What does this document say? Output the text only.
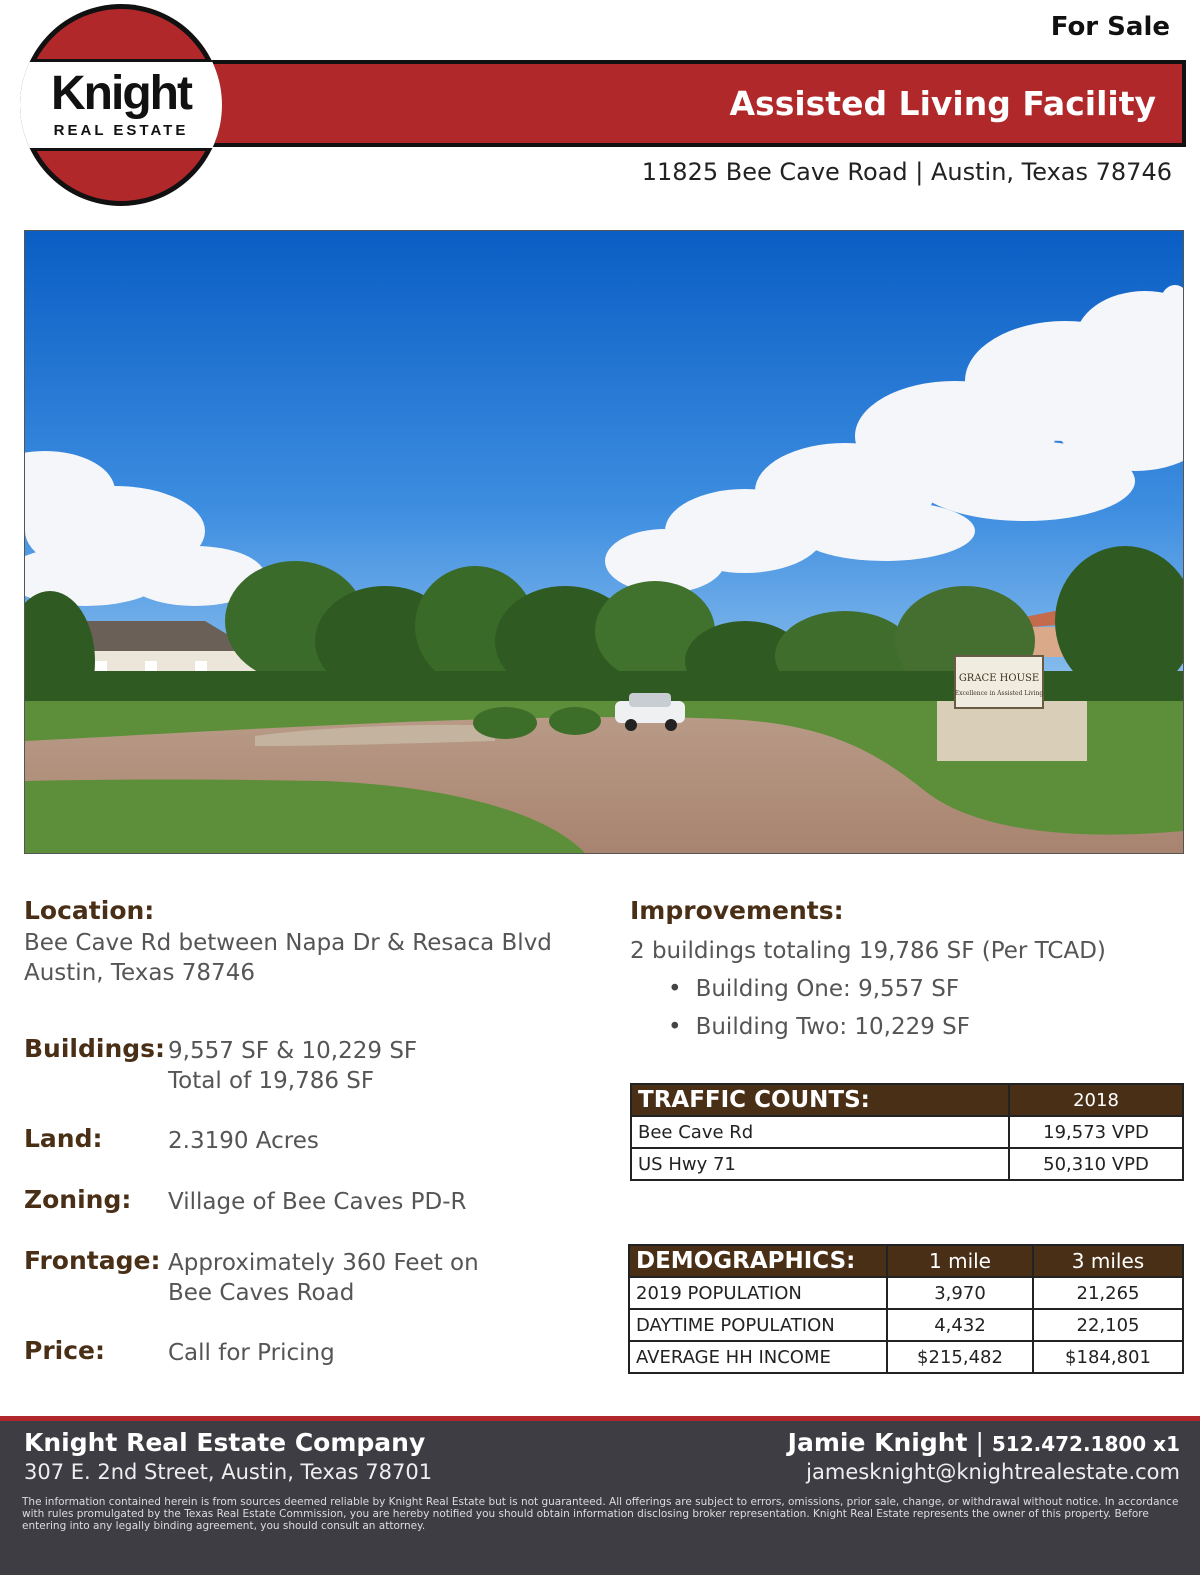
For Sale
Assisted Living Facility
11825 Bee Cave Road | Austin, Texas 78746
Knight
REAL ESTATE
GRACE HOUSE
Excellence in Assisted Living
Location:
Bee Cave Rd between Napa Dr & Resaca Blvd
Austin, Texas 78746
Buildings: 9,557 SF & 10,229 SF
Total of 19,786 SF
Land:	2.3190 Acres
Zoning: Village of Bee Caves PD-R
Frontage: Approximately 360 Feet on
Bee Caves Road
Price:	Call for Pricing
Improvements:
2 buildings totaling 19,786 SF (Per TCAD)
• Building One: 9,557 SF
• Building Two: 10,229 SF
TRAFFIC COUNTS:	2018
Bee Cave Rd	19,573 VPD
US Hwy 71	50,310 VPD
DEMOGRAPHICS:	1 mile	3 miles
2019 POPULATION	3,970	21,265
DAYTIME POPULATION	4,432	22,105
AVERAGE HH INCOME	$215,482	$184,801
Knight Real Estate Company
307 E. 2nd Street, Austin, Texas 78701
Jamie Knight | 512.472.1800 x1
jamesknight@knightrealestate.com
The information contained herein is from sources deemed reliable by Knight Real Estate but is not guaranteed. All offerings are subject to errors, omissions, prior sale, change, or withdrawal without notice. In accordance with rules promulgated by the Texas Real Estate Commission, you are hereby notified you should obtain information disclosing broker representation. Knight Real Estate represents the owner of this property. Before entering into any legally binding agreement, you should consult an attorney.
